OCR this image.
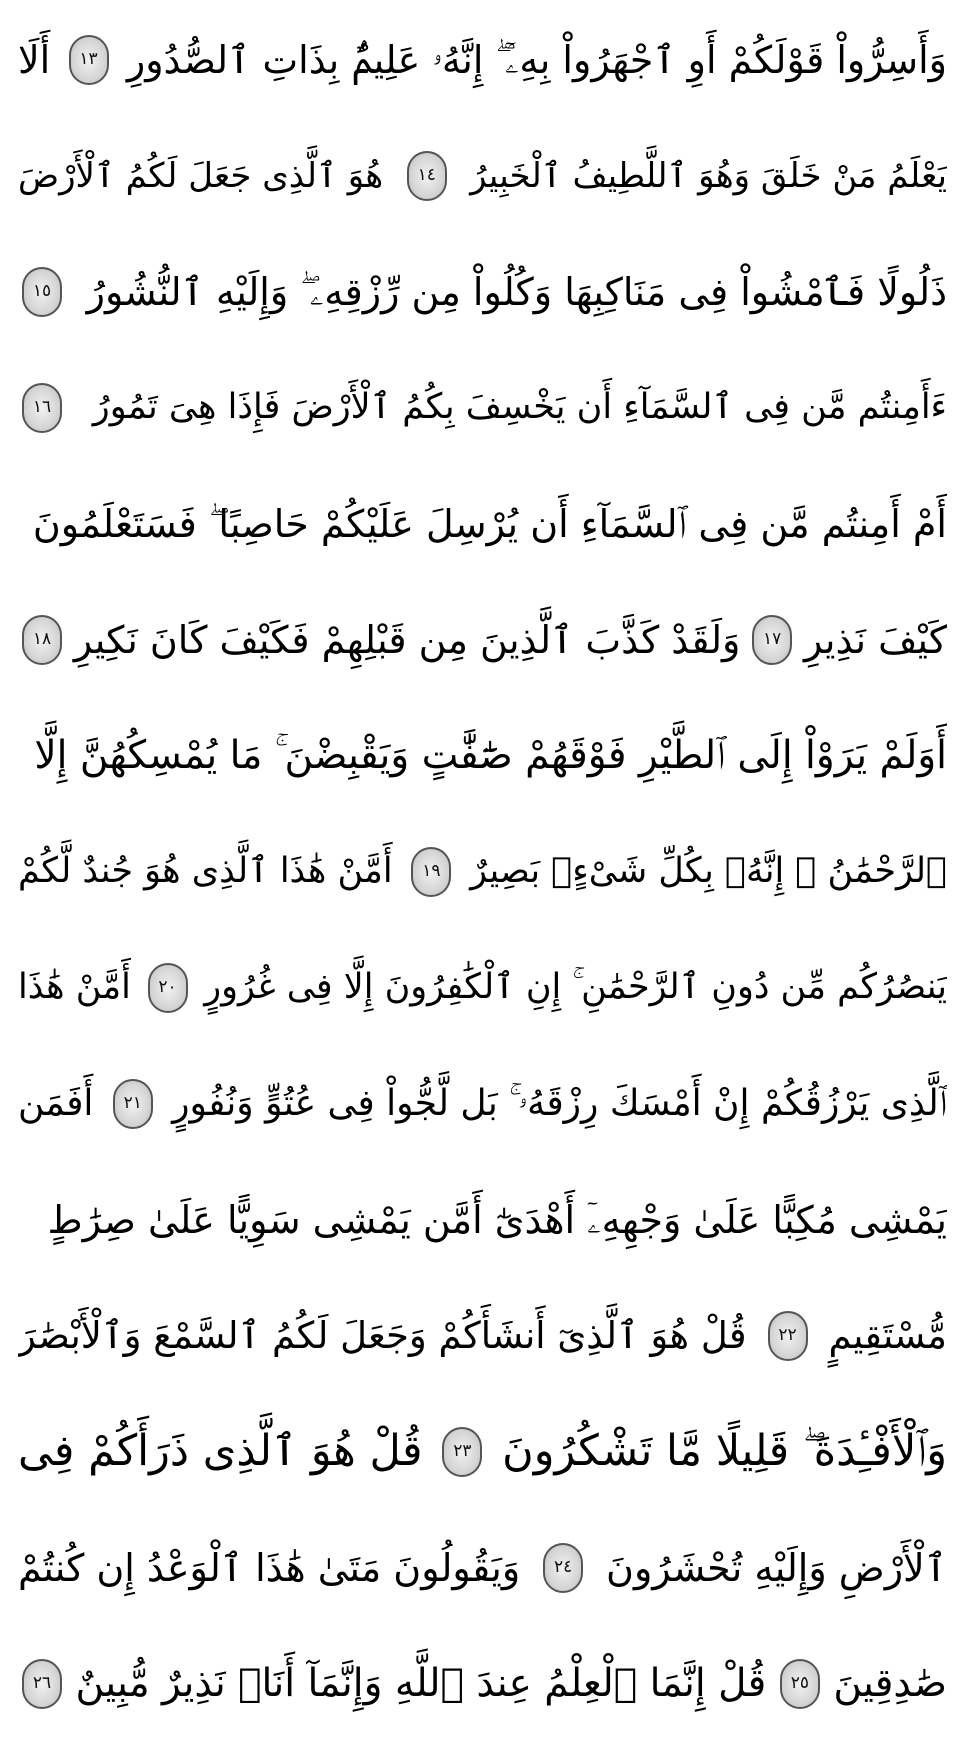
وَأَسِرُّواْ قَوْلَكُمْ أَوِ ٱجْهَرُواْ بِهِۦٓ ۖ إِنَّهُۥ عَلِيمٌۢ بِذَاتِ ٱلصُّدُورِ
١٣
أَلَا
يَعْلَمُ مَنْ خَلَقَ وَهُوَ ٱللَّطِيفُ ٱلْخَبِيرُ
١٤
هُوَ ٱلَّذِى جَعَلَ لَكُمُ ٱلْأَرْضَ
ذَلُولًا فَٱمْشُواْ فِى مَنَاكِبِهَا وَكُلُواْ مِن رِّزْقِهِۦ ۖ وَإِلَيْهِ ٱلنُّشُورُ
١٥
ءَأَمِنتُم مَّن فِى ٱلسَّمَآءِ أَن يَخْسِفَ بِكُمُ ٱلْأَرْضَ فَإِذَا هِىَ تَمُورُ
١٦
أَمْ أَمِنتُم مَّن فِى ٱلسَّمَآءِ أَن يُرْسِلَ عَلَيْكُمْ حَاصِبًا ۖ فَسَتَعْلَمُونَ
كَيْفَ نَذِيرِ
١٧
وَلَقَدْ كَذَّبَ ٱلَّذِينَ مِن قَبْلِهِمْ فَكَيْفَ كَانَ نَكِيرِ
١٨
أَوَلَمْ يَرَوْاْ إِلَى ٱلطَّيْرِ فَوْقَهُمْ صَٰٓفَّٰتٍ وَيَقْبِضْنَ ۚ مَا يُمْسِكُهُنَّ إِلَّا
ٱلرَّحْمَٰنُ ۚ إِنَّهُۥ بِكُلِّ شَىْءٍۭ بَصِيرٌ
١٩
أَمَّنْ هَٰذَا ٱلَّذِى هُوَ جُندٌ لَّكُمْ
يَنصُرُكُم مِّن دُونِ ٱلرَّحْمَٰنِ ۚ إِنِ ٱلْكَٰفِرُونَ إِلَّا فِى غُرُورٍ
٢٠
أَمَّنْ هَٰذَا
ٱلَّذِى يَرْزُقُكُمْ إِنْ أَمْسَكَ رِزْقَهُۥ ۚ بَل لَّجُّواْ فِى عُتُوٍّ وَنُفُورٍ
٢١
أَفَمَن
يَمْشِى مُكِبًّا عَلَىٰ وَجْهِهِۦٓ أَهْدَىٰٓ أَمَّن يَمْشِى سَوِيًّا عَلَىٰ صِرَٰطٍ
مُّسْتَقِيمٍ
٢٢
قُلْ هُوَ ٱلَّذِىٓ أَنشَأَكُمْ وَجَعَلَ لَكُمُ ٱلسَّمْعَ وَٱلْأَبْصَٰرَ
وَٱلْأَفْـِٔدَةَ ۖ قَلِيلًا مَّا تَشْكُرُونَ
٢٣
قُلْ هُوَ ٱلَّذِى ذَرَأَكُمْ فِى
ٱلْأَرْضِ وَإِلَيْهِ تُحْشَرُونَ
٢٤
وَيَقُولُونَ مَتَىٰ هَٰذَا ٱلْوَعْدُ إِن كُنتُمْ
صَٰدِقِينَ
٢٥
قُلْ إِنَّمَا ٱلْعِلْمُ عِندَ ٱللَّهِ وَإِنَّمَآ أَنَا۠ نَذِيرٌ مُّبِينٌ
٢٦
